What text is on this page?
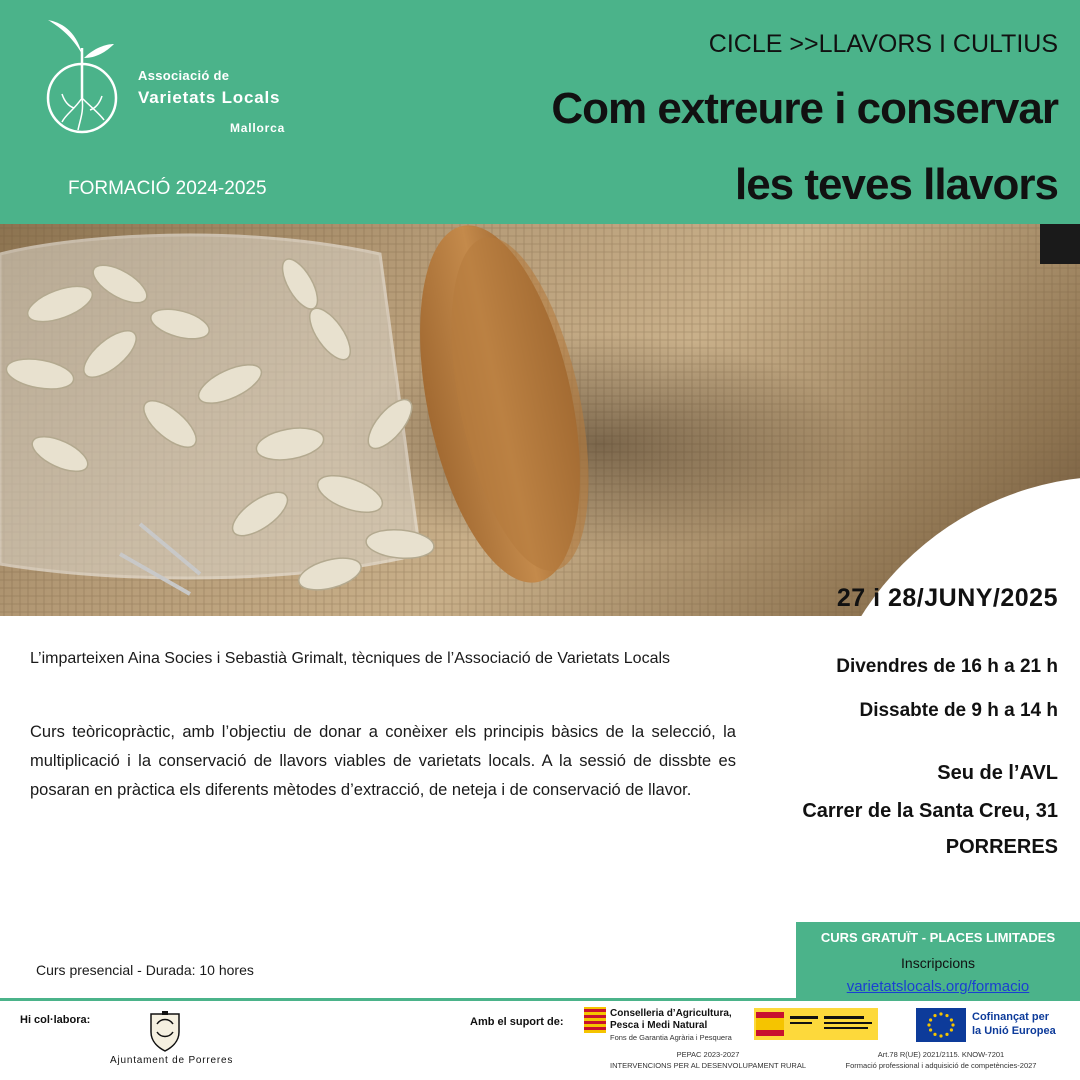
Associació de
Varietats Locals
Mallorca
FORMACIÓ 2024-2025
CICLE >>LLAVORS I CULTIUS
Com extreure i conservar
les teves llavors
27 i 28/JUNY/2025
L’imparteixen Aina Socies i Sebastià Grimalt, tècniques de l’Associació de Varietats Locals
Curs teòricopràctic, amb l’objectiu de donar a conèixer els principis bàsics de la selecció, la multiplicació i la conservació de llavors viables de varietats locals. A la sessió de dissbte es posaran en pràctica els diferents mètodes d’extracció, de neteja i de conservació de llavor.
Divendres de 16 h a 21 h
Dissabte de 9 h a 14 h
Seu de l’AVL
Carrer de la Santa Creu, 31
PORRERES
Curs presencial - Durada: 10 hores
CURS GRATUÏT - PLACES LIMITADES
Inscripcions
varietatslocals.org/formacio
Hi col·labora:
Ajuntament de Porreres
Amb el suport de:
Conselleria d’Agricultura,
Pesca i Medi Natural
Fons de Garantia Agrària i Pesquera
Cofinançat per
la Unió Europea
PEPAC 2023-2027
INTERVENCIONS PER AL DESENVOLUPAMENT RURAL
Art.78 R(UE) 2021/2115. KNOW-7201
Formació professional i adquisició de competències-2027
